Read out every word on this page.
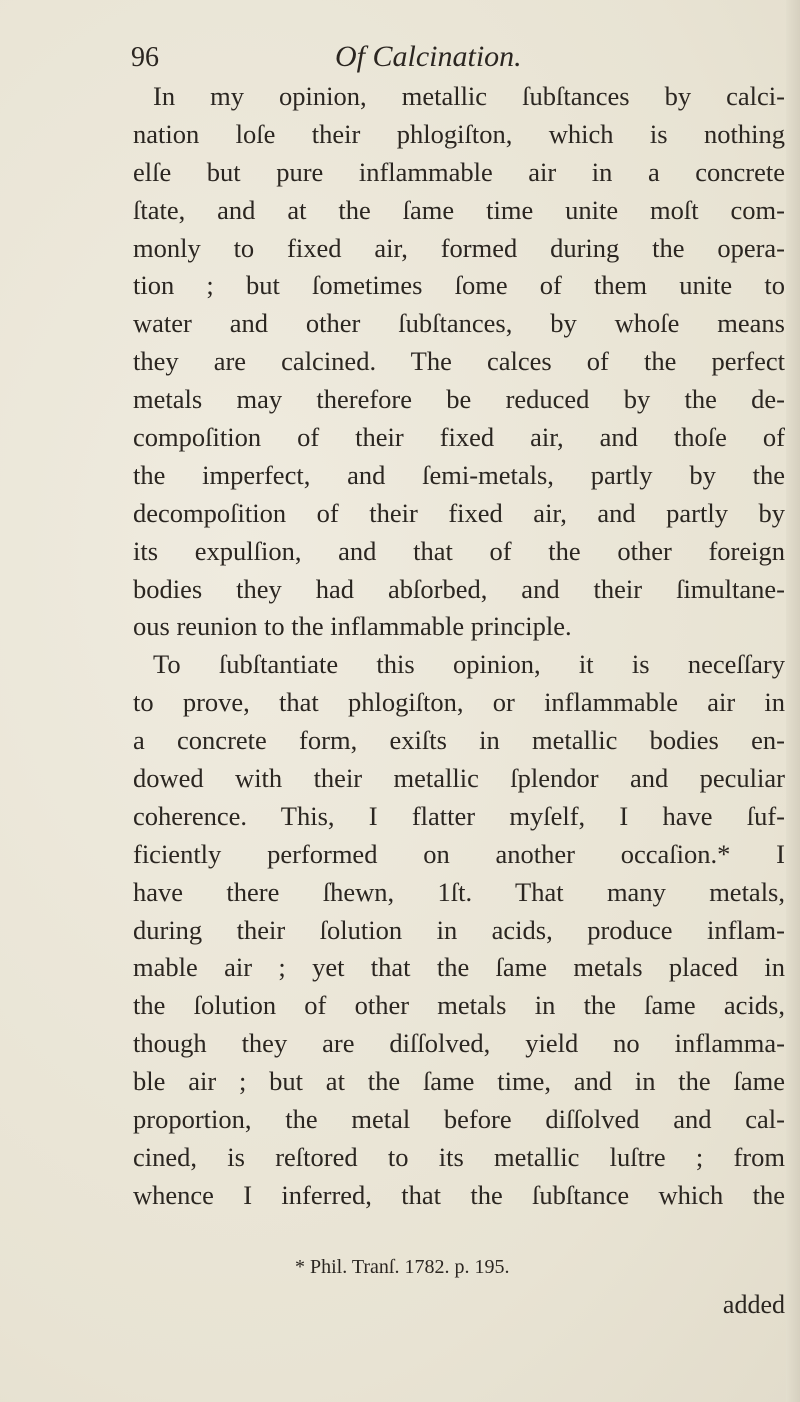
96	Of Calcination.
In my opinion, metallic ſubſtances by calci-
nation loſe their phlogiſton, which is nothing
elſe but pure inflammable air in a concrete
ſtate, and at the ſame time unite moſt com-
monly to fixed air, formed during the opera-
tion ; but ſometimes ſome of them unite to
water and other ſubſtances, by whoſe means
they are calcined. The calces of the perfect
metals may therefore be reduced by the de-
compoſition of their fixed air, and thoſe of
the imperfect, and ſemi-metals, partly by the
decompoſition of their fixed air, and partly by
its expulſion, and that of the other foreign
bodies they had abſorbed, and their ſimultane-
ous reunion to the inflammable principle.
To ſubſtantiate this opinion, it is neceſſary
to prove, that phlogiſton, or inflammable air in
a concrete form, exiſts in metallic bodies en-
dowed with their metallic ſplendor and peculiar
coherence. This, I flatter myſelf, I have ſuf-
ficiently performed on another occaſion.* I
have there ſhewn, 1ſt. That many metals,
during their ſolution in acids, produce inflam-
mable air ; yet that the ſame metals placed in
the ſolution of other metals in the ſame acids,
though they are diſſolved, yield no inflamma-
ble air ; but at the ſame time, and in the ſame
proportion, the metal before diſſolved and cal-
cined, is reſtored to its metallic luſtre ; from
whence I inferred, that the ſubſtance which the
* Phil. Tranſ. 1782. p. 195.
added
